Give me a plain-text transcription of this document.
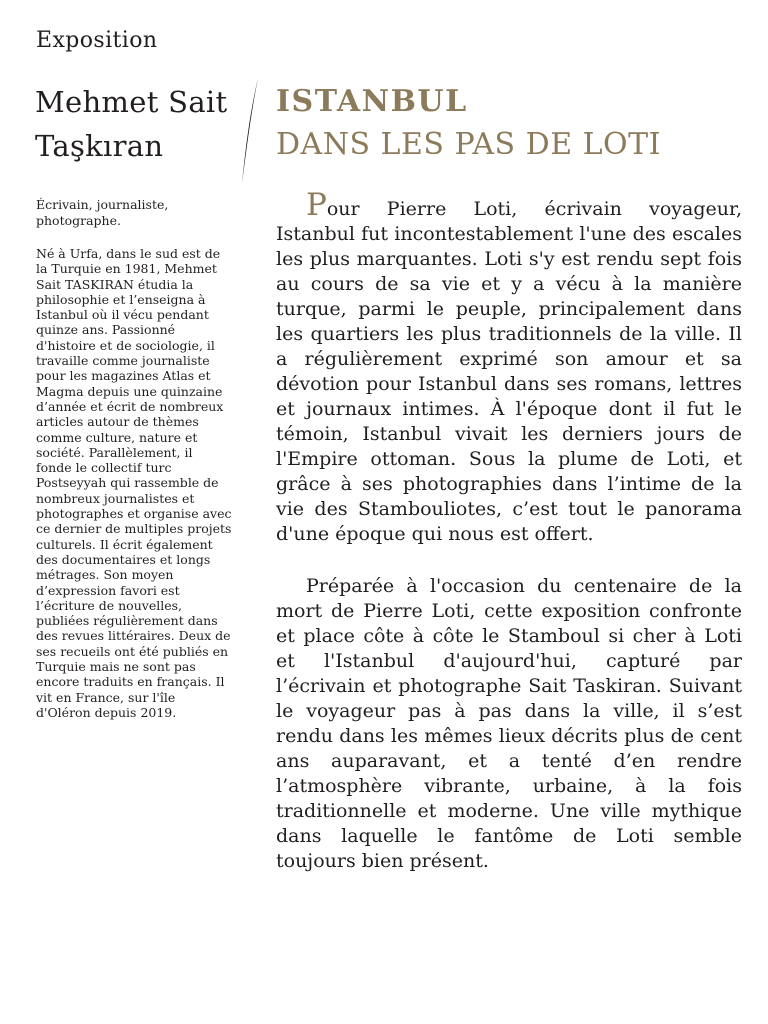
Exposition
Mehmet Sait Taşkıran
ISTANBUL
DANS LES PAS DE LOTI
Écrivain, journaliste, photographe.
Né à Urfa, dans le sud est de la Turquie en 1981, Mehmet Sait TASKIRAN étudia la philosophie et l’enseigna à Istanbul où il vécu pendant quinze ans. Passionné d'histoire et de sociologie, il travaille comme journaliste pour les magazines Atlas et Magma depuis une quinzaine d’année et écrit de nombreux articles autour de thèmes comme culture, nature et société. Parallèlement, il fonde le collectif turc Postseyyah qui rassemble de nombreux journalistes et photographes et organise avec ce dernier de multiples projets culturels. Il écrit également des documentaires et longs métrages. Son moyen d’expression favori est l’écriture de nouvelles, publiées régulièrement dans des revues littéraires. Deux de ses recueils ont été publiés en Turquie mais ne sont pas encore traduits en français. Il vit en France, sur l'île d'Oléron depuis 2019.

Pour Pierre Loti, écrivain voyageur, Istanbul fut incontestablement l'une des escales les plus marquantes. Loti s'y est rendu sept fois au cours de sa vie et y a vécu à la manière turque, parmi le peuple, principalement dans les quartiers les plus traditionnels de la ville. Il a régulièrement exprimé son amour et sa dévotion pour Istanbul dans ses romans, lettres et journaux intimes. À l'époque dont il fut le témoin, Istanbul vivait les derniers jours de l'Empire ottoman. Sous la plume de Loti, et grâce à ses photographies dans l’intime de la vie des Stambouliotes, c’est tout le panorama d'une époque qui nous est offert.

Préparée à l'occasion du centenaire de la mort de Pierre Loti, cette exposition confronte et place côte à côte le Stamboul si cher à Loti et l'Istanbul d'aujourd'hui, capturé par l’écrivain et photographe Sait Taskiran. Suivant le voyageur pas à pas dans la ville, il s’est rendu dans les mêmes lieux décrits plus de cent ans auparavant, et a tenté d’en rendre l’atmosphère vibrante, urbaine, à la fois traditionnelle et moderne. Une ville mythique dans laquelle le fantôme de Loti semble toujours bien présent.
